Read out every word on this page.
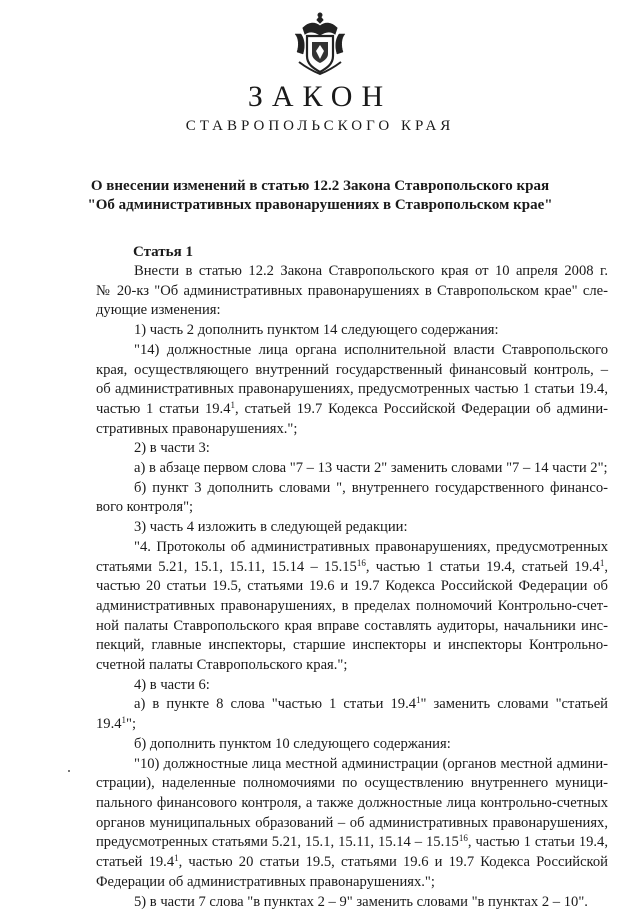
ЗАКОН
СТАВРОПОЛЬСКОГО КРАЯ
О внесении изменений в статью 12.2 Закона Ставропольского края
"Об административных правонарушениях в Ставропольском крае"
Статья 1

Внести в статью 12.2 Закона Ставропольского края от 10 апреля 2008 г.

№ 20-кз "Об административных правонарушениях в Ставропольском крае" сле-

дующие изменения:

1) часть 2 дополнить пунктом 14 следующего содержания:

"14) должностные лица органа исполнительной власти Ставропольского

края, осуществляющего внутренний государственный финансовый контроль, –

об административных правонарушениях, предусмотренных частью 1 статьи 19.4,

частью 1 статьи 19.4$^1$, статьей 19.7 Кодекса Российской Федерации об админи-

стративных правонарушениях.";

2) в части 3:

а) в абзаце первом слова "7 – 13 части 2" заменить словами "7 – 14 части 2";

б) пункт 3 дополнить словами ", внутреннего государственного финансо-

вого контроля";

3) часть 4 изложить в следующей редакции:

"4. Протоколы об административных правонарушениях, предусмотренных

статьями 5.21, 15.1, 15.11, 15.14 – 15.15$^{16}$, частью 1 статьи 19.4, статьей 19.4$^1$,

частью 20 статьи 19.5, статьями 19.6 и 19.7 Кодекса Российской Федерации об

административных правонарушениях, в пределах полномочий Контрольно-счет-

ной палаты Ставропольского края вправе составлять аудиторы, начальники инс-

пекций, главные инспекторы, старшие инспекторы и инспекторы Контрольно-

счетной палаты Ставропольского края.";

4) в части 6:

а) в пункте 8 слова "частью 1 статьи 19.4$^1$" заменить словами "статьей 19.4$^1$";

б) дополнить пунктом 10 следующего содержания:

"10) должностные лица местной администрации (органов местной админи-

страции), наделенные полномочиями по осуществлению внутреннего муници-

пального финансового контроля, а также должностные лица контрольно-счетных

органов муниципальных образований – об административных правонарушениях,

предусмотренных статьями 5.21, 15.1, 15.11, 15.14 – 15.15$^{16}$, частью 1 статьи 19.4,

статьей 19.4$^1$, частью 20 статьи 19.5, статьями 19.6 и 19.7 Кодекса Российской

Федерации об административных правонарушениях.";

5) в части 7 слова "в пунктах 2 – 9" заменить словами "в пунктах 2 – 10".
